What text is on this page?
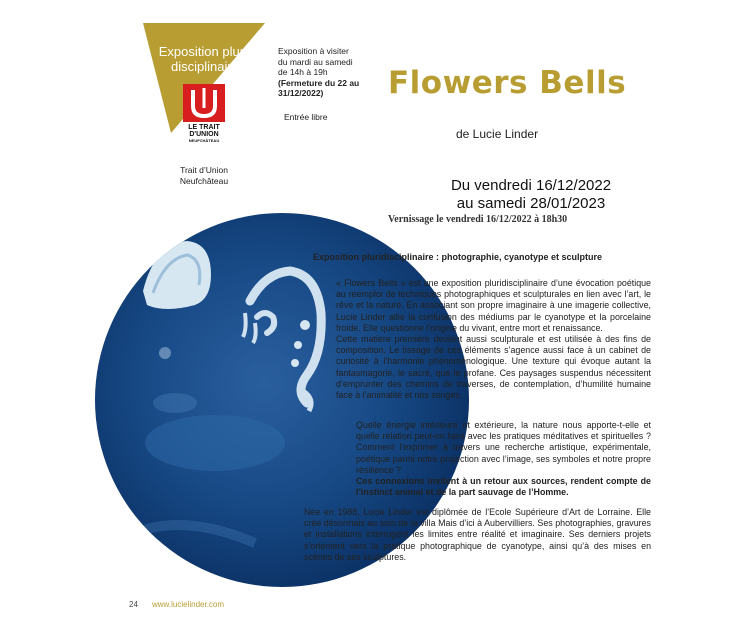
Exposition pluri-
disciplinaire
LE TRAIT
D'UNION
NEUFCHÂTEAU
Trait d’Union
Neufchâteau
Exposition à visiter du mardi au samedi de 14h à 19h
(Fermeture du 22 au 31/12/2022)
Entrée libre
Flowers Bells
de Lucie Linder
Du vendredi 16/12/2022
au samedi 28/01/2023
Vernissage le vendredi 16/12/2022 à 18h30
Exposition pluridisciplinaire : photographie, cyanotype et sculpture
« Flowers Bells » est une exposition pluridisciplinaire d’une évocation poétique au réemploi de techniques photographiques et sculpturales en lien avec l’art, le rêve et la nature. En associant son propre imaginaire à une imagerie collective, Lucie Linder allie la confusion des médiums par le cyanotype et la porcelaine froide. Elle questionne l’origine du vivant, entre mort et renaissance.
Cette matière première devient aussi sculpturale et est utilisée à des fins de composition. Le tissage de ces éléments s’agence aussi face à un cabinet de curiosité à l’harmonie phénoménologique. Une texture qui évoque autant la fantasmagorie, le sacré, que le profane. Ces paysages suspendus nécessitent d’emprunter des chemins de traverses, de contemplation, d’humilité humaine face à l’animalité et nos songes.
Quelle énergie intérieure et extérieure, la nature nous apporte-t-elle et quelle relation peut-on faire avec les pratiques méditatives et spirituelles ? Comment l’exprimer à travers une recherche artistique, expérimentale, poétique parmi notre projection avec l’image, ses symboles et notre propre résilience ?
Ces connexions invitent à un retour aux sources, rendent compte de l’instinct animal et de la part sauvage de l’Homme.
Née en 1988, Lucie Linder est diplômée de l’Ecole Supérieure d’Art de Lorraine. Elle crée désormais au sein de la villa Mais d’ici à Aubervilliers. Ses photographies, gravures et installations interrogent les limites entre réalité et imaginaire. Ses derniers projets s’orientent vers la pratique photographique de cyanotype, ainsi qu’à des mises en scènes de ses sculptures.
24 www.lucielinder.com
